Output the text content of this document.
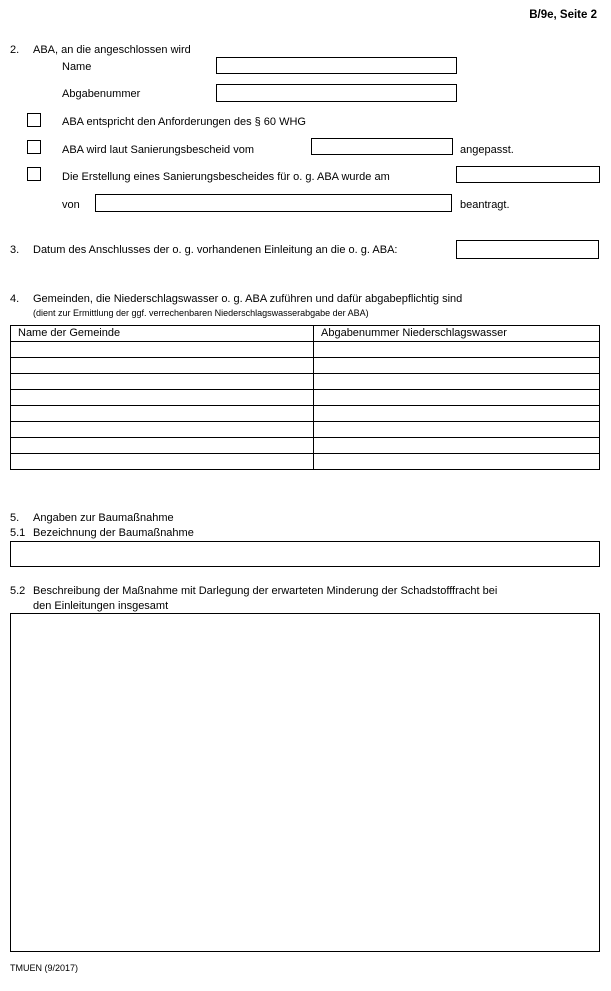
B/9e, Seite 2
2. ABA, an die angeschlossen wird
Name
Abgabenummer
ABA entspricht den Anforderungen des § 60 WHG
ABA wird laut Sanierungsbescheid vom	angepasst.
Die Erstellung eines Sanierungsbescheides für o. g. ABA wurde am
von	beantragt.
3. Datum des Anschlusses der o. g. vorhandenen Einleitung an die o. g. ABA:
4. Gemeinden, die Niederschlagswasser o. g. ABA zuführen und dafür abgabepflichtig sind
(dient zur Ermittlung der ggf. verrechenbaren Niederschlagswasserabgabe der ABA)
Name der Gemeinde	Abgabenummer Niederschlagswasser

5. Angaben zur Baumaßnahme
5.1 Bezeichnung der Baumaßnahme
5.2 Beschreibung der Maßnahme mit Darlegung der erwarteten Minderung der Schadstofffracht bei
den Einleitungen insgesamt
TMUEN (9/2017)
